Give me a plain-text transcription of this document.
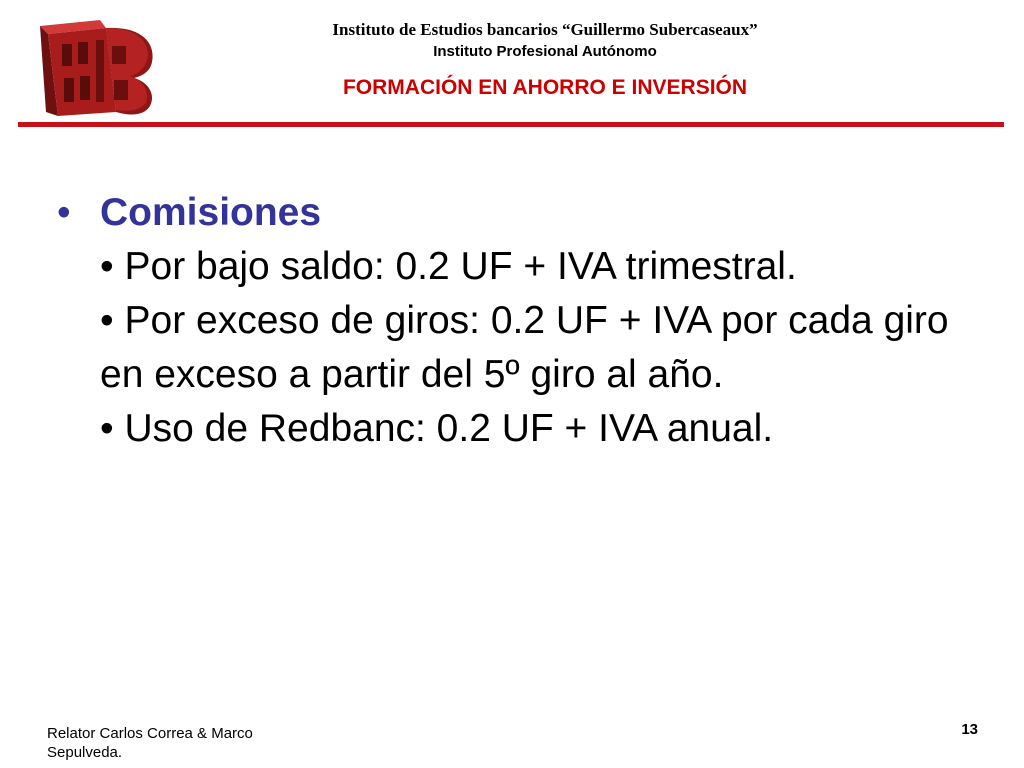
Instituto de Estudios bancarios “Guillermo Subercaseaux”
Instituto Profesional Autónomo
FORMACIÓN EN AHORRO E INVERSIÓN
• Comisiones
• Por bajo saldo: 0.2 UF + IVA trimestral.
• Por exceso de giros: 0.2 UF + IVA por cada giro en exceso a partir del 5º giro al año.
• Uso de Redbanc: 0.2 UF + IVA anual.
Relator Carlos Correa & Marco Sepulveda.
13
